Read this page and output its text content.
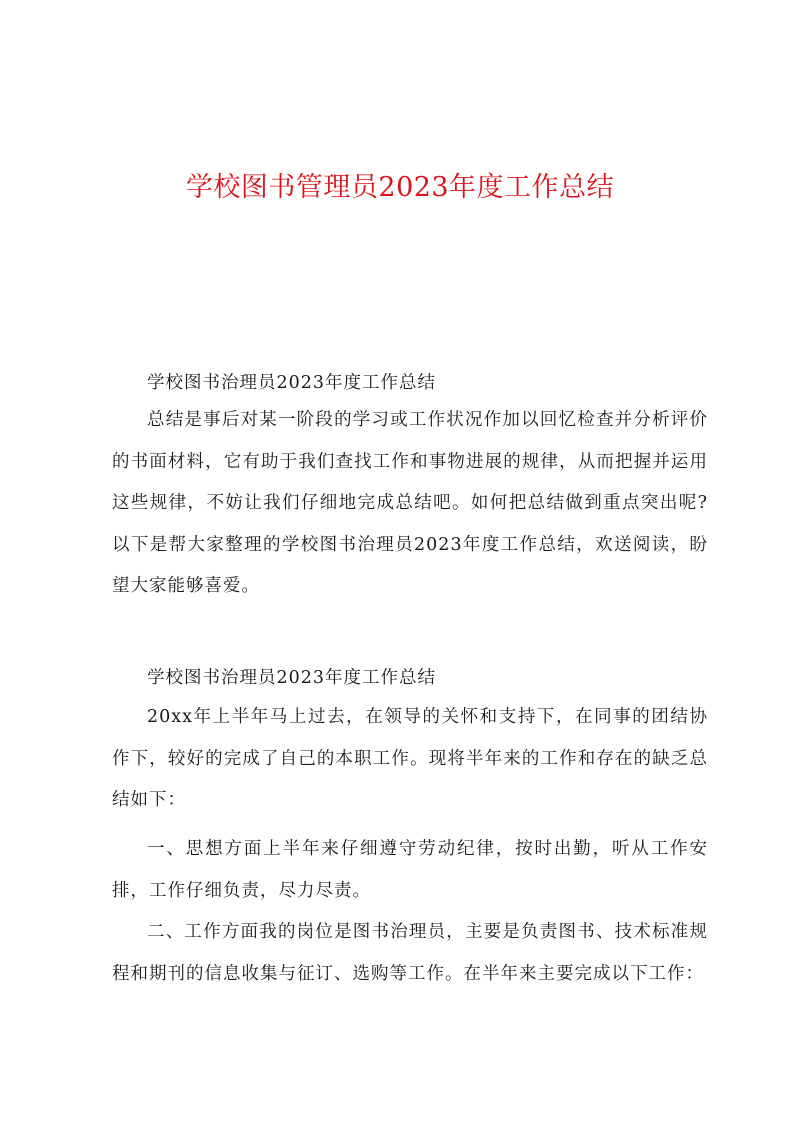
学校图书管理员2023年度工作总结

学校图书治理员2023年度工作总结

总结是事后对某一阶段的学习或工作状况作加以回忆检查并分析评价的书面材料，它有助于我们查找工作和事物进展的规律，从而把握并运用这些规律，不妨让我们仔细地完成总结吧。如何把总结做到重点突出呢?以下是帮大家整理的学校图书治理员2023年度工作总结，欢送阅读，盼望大家能够喜爱。

学校图书治理员2023年度工作总结

20xx年上半年马上过去，在领导的关怀和支持下，在同事的团结协作下，较好的完成了自己的本职工作。现将半年来的工作和存在的缺乏总结如下：

一、思想方面上半年来仔细遵守劳动纪律，按时出勤，听从工作安排，工作仔细负责，尽力尽责。

二、工作方面我的岗位是图书治理员，主要是负责图书、技术标准规程和期刊的信息收集与征订、选购等工作。在半年来主要完成以下工作：
